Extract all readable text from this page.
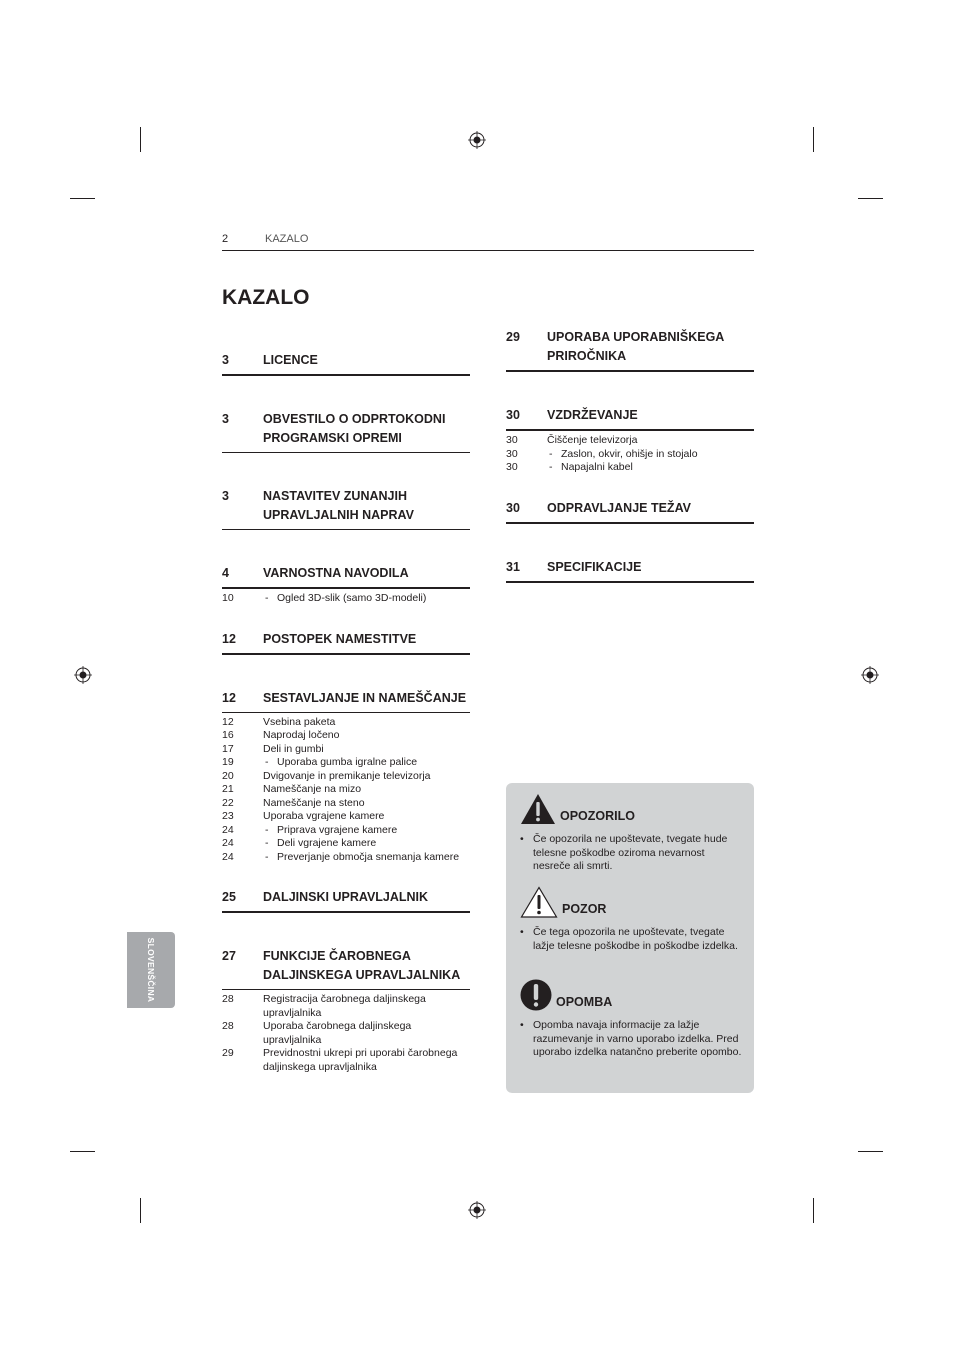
2	KAZALO
KAZALO
3	LICENCE
3	OBVESTILO O ODPRTOKODNI PROGRAMSKI OPREMI
3	NASTAVITEV ZUNANJIH UPRAVLJALNIH NAPRAV
4	VARNOSTNA NAVODILA
10	- Ogled 3D-slik (samo 3D-modeli)
12	POSTOPEK NAMESTITVE
12	SESTAVLJANJE IN NAMEŠČANJE
12	Vsebina paketa
16	Naprodaj ločeno
17	Deli in gumbi
19	- Uporaba gumba igralne palice
20	Dvigovanje in premikanje televizorja
21	Nameščanje na mizo
22	Nameščanje na steno
23	Uporaba vgrajene kamere
24	- Priprava vgrajene kamere
24	- Deli vgrajene kamere
24	- Preverjanje območja snemanja kamere
25	DALJINSKI UPRAVLJALNIK
27	FUNKCIJE ČAROBNEGA DALJINSKEGA UPRAVLJALNIKA
28	Registracija čarobnega daljinskega upravljalnika
28	Uporaba čarobnega daljinskega upravljalnika
29	Previdnostni ukrepi pri uporabi čarobnega daljinskega upravljalnika
29	UPORABA UPORABNIŠKEGA PRIROČNIKA
30	VZDRŽEVANJE
30	Čiščenje televizorja
30	- Zaslon, okvir, ohišje in stojalo
30	- Napajalni kabel
30	ODPRAVLJANJE TEŽAV
31	SPECIFIKACIJE
SLOVENŠČINA
OPOZORILO
• Če opozorila ne upoštevate, tvegate hude telesne poškodbe oziroma nevarnost nesreče ali smrti.
POZOR
• Če tega opozorila ne upoštevate, tvegate lažje telesne poškodbe in poškodbe izdelka.
OPOMBA
• Opomba navaja informacije za lažje razumevanje in varno uporabo izdelka. Pred uporabo izdelka natančno preberite opombo.
